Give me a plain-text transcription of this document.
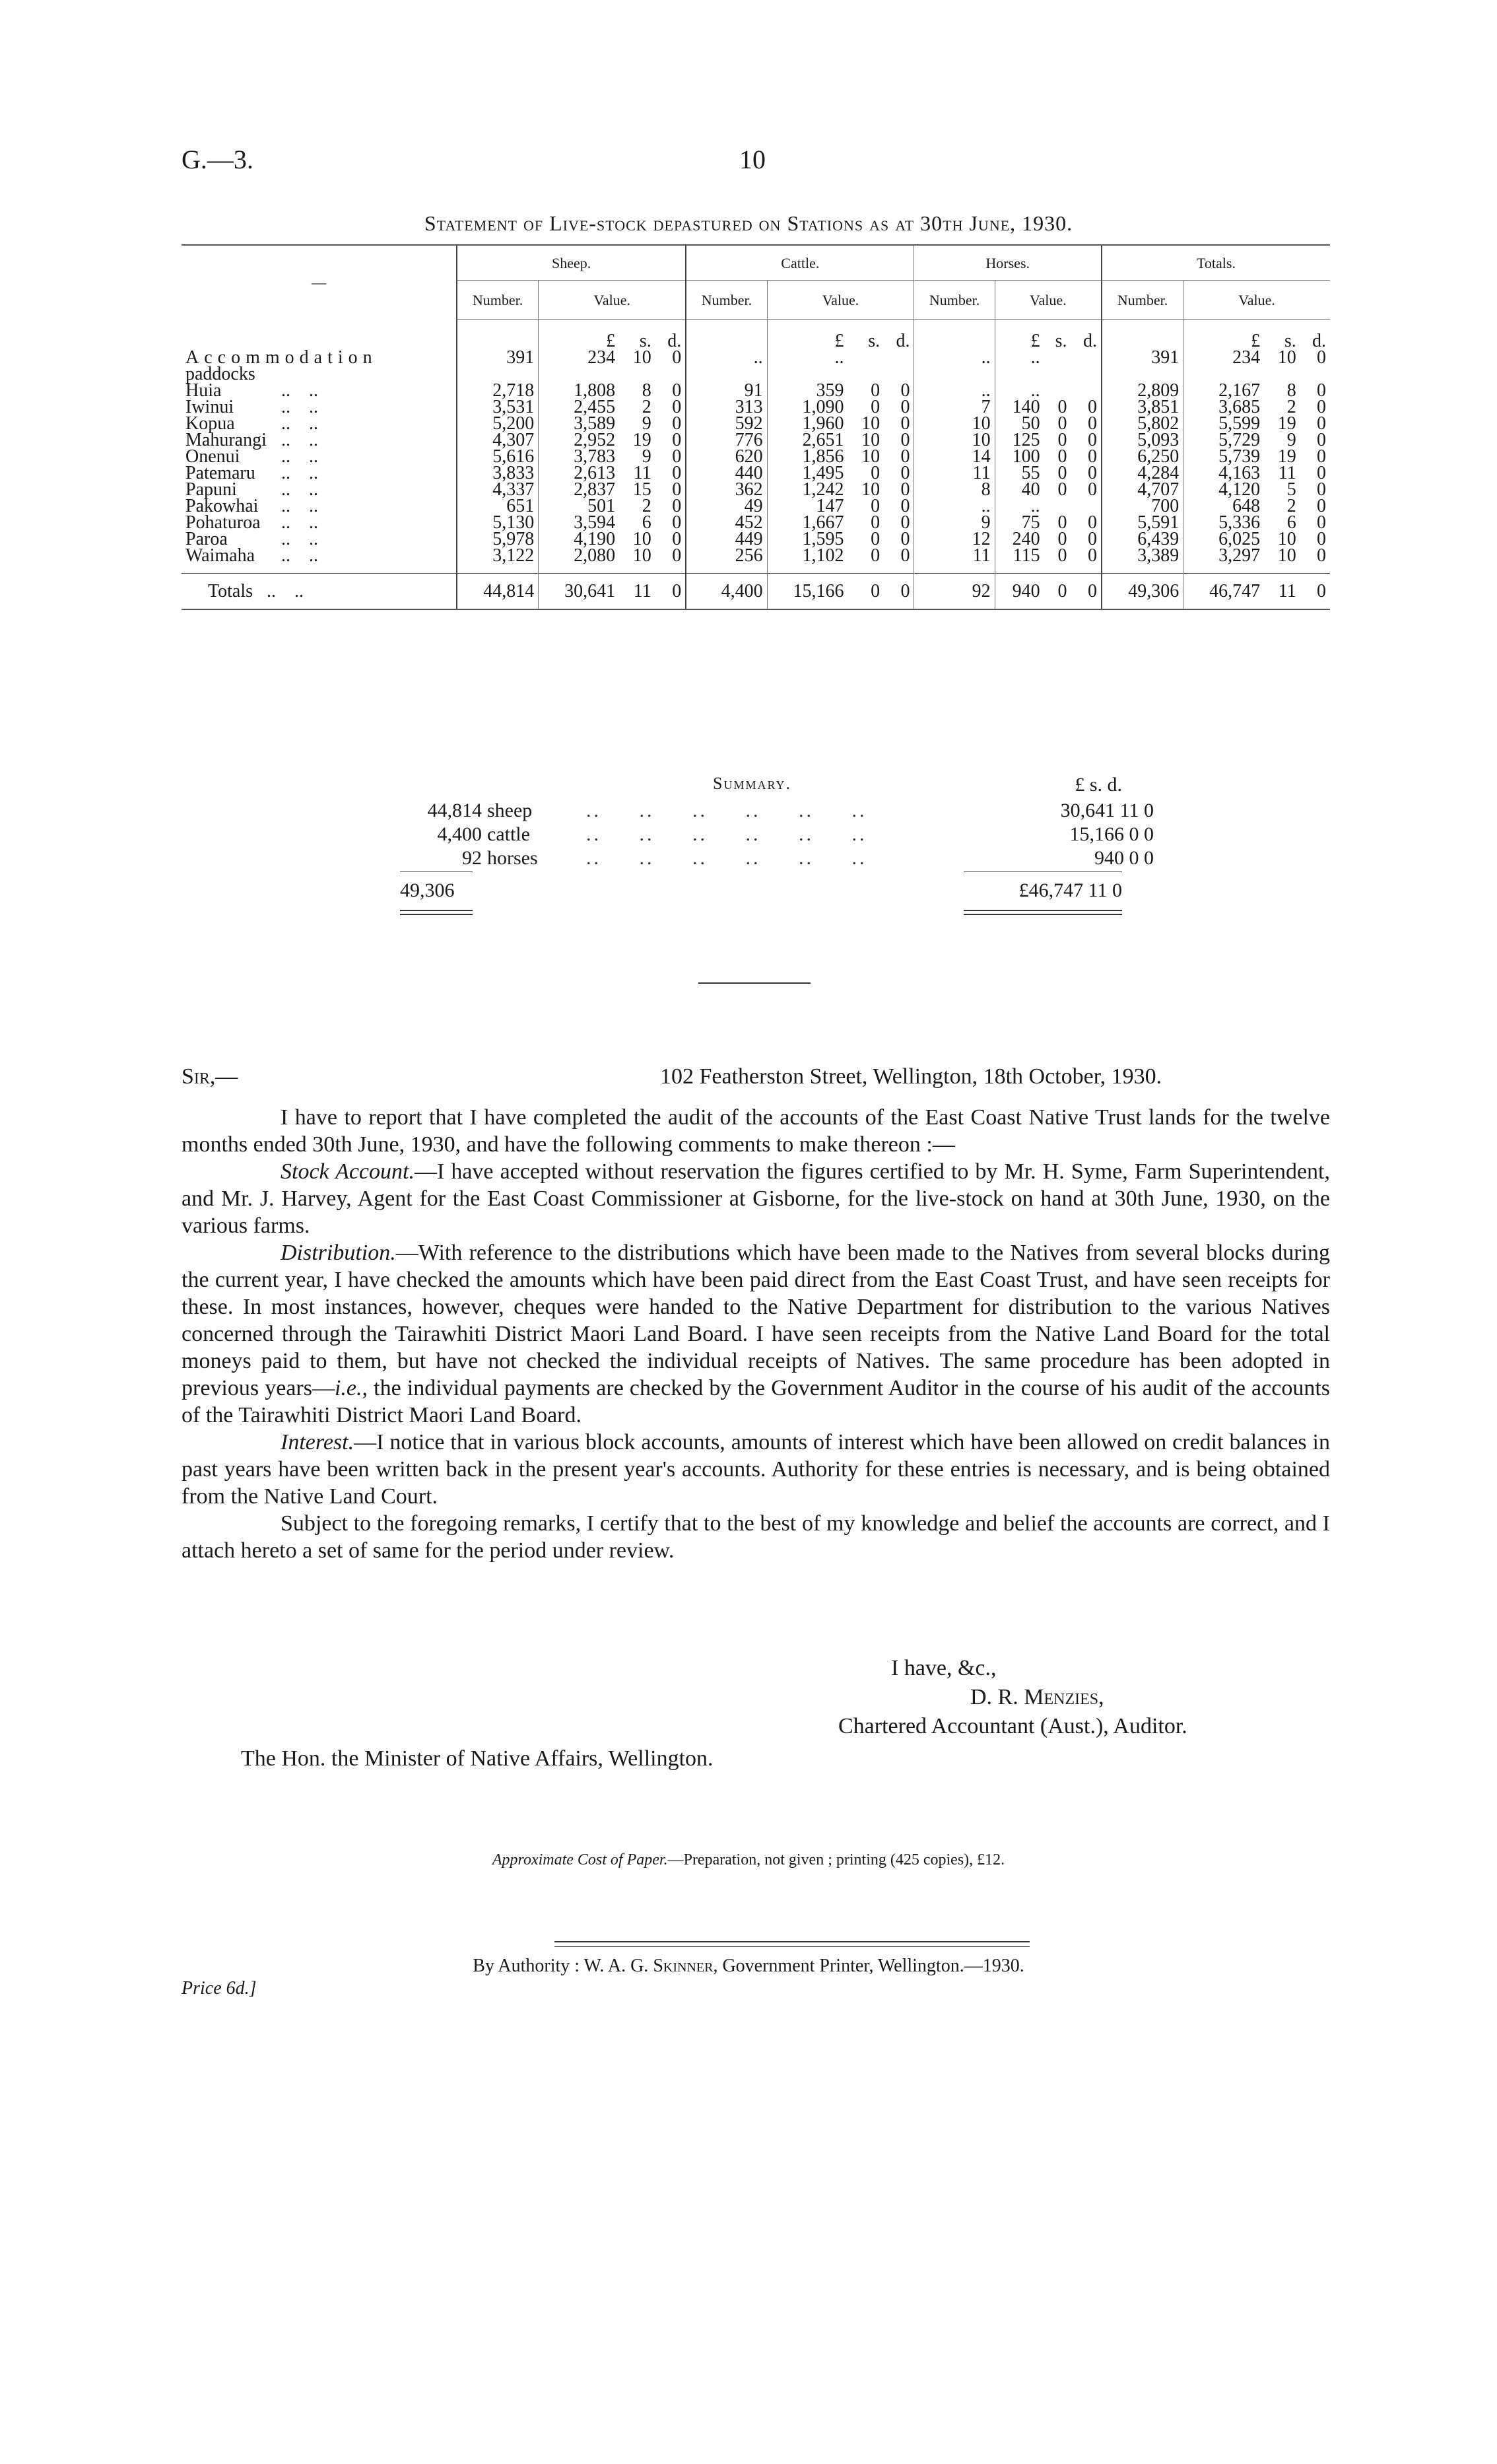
G.—3.	10
Statement of Live-stock depastured on Stations as at 30th June, 1930.
—	Sheep.				Cattle.				Horses.				Totals.			
	Number.	Value.			Number.	Value.			Number.	Value.			Number.	Value.		
		£	s.	d.		£	s.	d.		£	s.	d.		£	s.	d.
Accommodation
paddocks	391	234	10	0	..	..			..	..			391	234	10	0
Huia ..    ..	2,718	1,808	8	0	91	359	0	0	..	..			2,809	2,167	8	0
Iwinui ..    ..	3,531	2,455	2	0	313	1,090	0	0	7	140	0	0	3,851	3,685	2	0
Kopua ..    ..	5,200	3,589	9	0	592	1,960	10	0	10	50	0	0	5,802	5,599	19	0
Mahurangi ..    ..	4,307	2,952	19	0	776	2,651	10	0	10	125	0	0	5,093	5,729	9	0
Onenui ..    ..	5,616	3,783	9	0	620	1,856	10	0	14	100	0	0	6,250	5,739	19	0
Patemaru ..    ..	3,833	2,613	11	0	440	1,495	0	0	11	55	0	0	4,284	4,163	11	0
Papuni ..    ..	4,337	2,837	15	0	362	1,242	10	0	8	40	0	0	4,707	4,120	5	0
Pakowhai ..    ..	651	501	2	0	49	147	0	0	..	..			700	648	2	0
Pohaturoa ..    ..	5,130	3,594	6	0	452	1,667	0	0	9	75	0	0	5,591	5,336	6	0
Paroa ..    ..	5,978	4,190	10	0	449	1,595	0	0	12	240	0	0	6,439	6,025	10	0
Waimaha ..    ..	3,122	2,080	10	0	256	1,102	0	0	11	115	0	0	3,389	3,297	10	0

Totals   ..    ..	44,814	30,641	11	0	4,400	15,166	0	0	92	940	0	0	49,306	46,747	11	0
Summary.	£ s. d.
44,814	sheep	..     ..     ..     ..     ..     ..	30,641 11 0
4,400	cattle	..     ..     ..     ..     ..     ..	15,166 0 0
92	horses	..     ..     ..     ..     ..     ..	940 0 0
49,306	£46,747 11 0
Sir,—	102 Featherston Street, Wellington, 18th October, 1930.

I have to report that I have completed the audit of the accounts of the East Coast Native Trust lands for the twelve months ended 30th June, 1930, and have the following comments to make thereon :—

Stock Account.—I have accepted without reservation the figures certified to by Mr. H. Syme, Farm Superintendent, and Mr. J. Harvey, Agent for the East Coast Commissioner at Gisborne, for the live-stock on hand at 30th June, 1930, on the various farms.

Distribution.—With reference to the distributions which have been made to the Natives from several blocks during the current year, I have checked the amounts which have been paid direct from the East Coast Trust, and have seen receipts for these. In most instances, however, cheques were handed to the Native Department for distribution to the various Natives concerned through the Tairawhiti District Maori Land Board. I have seen receipts from the Native Land Board for the total moneys paid to them, but have not checked the individual receipts of Natives. The same procedure has been adopted in previous years—i.e., the individual payments are checked by the Government Auditor in the course of his audit of the accounts of the Tairawhiti District Maori Land Board.

Interest.—I notice that in various block accounts, amounts of interest which have been allowed on credit balances in past years have been written back in the present year's accounts. Authority for these entries is necessary, and is being obtained from the Native Land Court.

Subject to the foregoing remarks, I certify that to the best of my knowledge and belief the accounts are correct, and I attach hereto a set of same for the period under review.

I have, &c.,
D. R. Menzies,
Chartered Accountant (Aust.), Auditor.
The Hon. the Minister of Native Affairs, Wellington.
Approximate Cost of Paper.—Preparation, not given ; printing (425 copies), £12.
By Authority : W. A. G. Skinner, Government Printer, Wellington.—1930.
Price 6d.]
